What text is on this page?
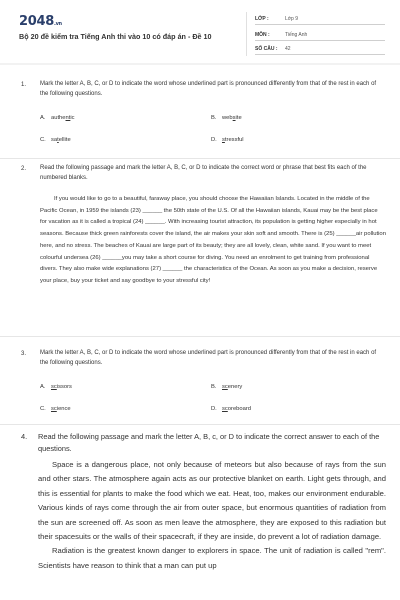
2048.vn
Bộ 20 đề kiểm tra Tiếng Anh thi vào 10 có đáp án - Đề 10
LỚP :	Lớp 9
MÔN :	Tiếng Anh
SỐ CÂU : 42
1. Mark the letter A, B, C, or D to indicate the word whose underlined part is pronounced differently from that of the rest in each of the following questions.
A. authentic	B. website
C. satellite	D. stressful
2. Read the following passage and mark the letter A, B, C, or D to indicate the correct word or phrase that best fits each of the numbered blanks.

If you would like to go to a beautiful, faraway place, you should choose the Hawaiian Islands. Located in the middle of the Pacific Ocean, in 1959 the islands (23) ______ the 50th state of the U.S. Of all the Hawaiian islands, Kauai may be the best place for vacation as it is called a tropical (24) ______. With increasing tourist attraction, its population is getting higher especially in hot seasons. Because thick green rainforests cover the island, the air makes your skin soft and smooth. There is (25) ______air pollution here, and no stress. The beaches of Kauai are large part of its beauty; they are all lovely, clean, white sand. If you want to meet colourful undersea (26) ______you may take a short course for diving. You need an enrolment to get training from professional divers. They also make wide explanations (27) ______ the characteristics of the Ocean. As soon as you make a decision, reserve your place, buy your ticket and say goodbye to your stressful city!

3. Mark the letter A, B, C, or D to indicate the word whose underlined part is pronounced differently from that of the rest in each of the following questions.
A. scissors	B. scenery
C. science	D. scoreboard
4. Read the following passage and mark the letter A, B, c, or D to indicate the correct answer to each of the questions.

Space is a dangerous place, not only because of meteors but also because of rays from the sun and other stars. The atmosphere again acts as our protective blanket on earth. Light gets through, and this is essential for plants to make the food which we eat. Heat, too, makes our environment endurable. Various kinds of rays come through the air from outer space, but enormous quantities of radiation from the sun are screened off. As soon as men leave the atmosphere, they are exposed to this radiation but their spacesuits or the walls of their spacecraft, if they are inside, do prevent a lot of radiation damage.

Radiation is the greatest known danger to explorers in space. The unit of radiation is called "rem". Scientists have reason to think that a man can put up
